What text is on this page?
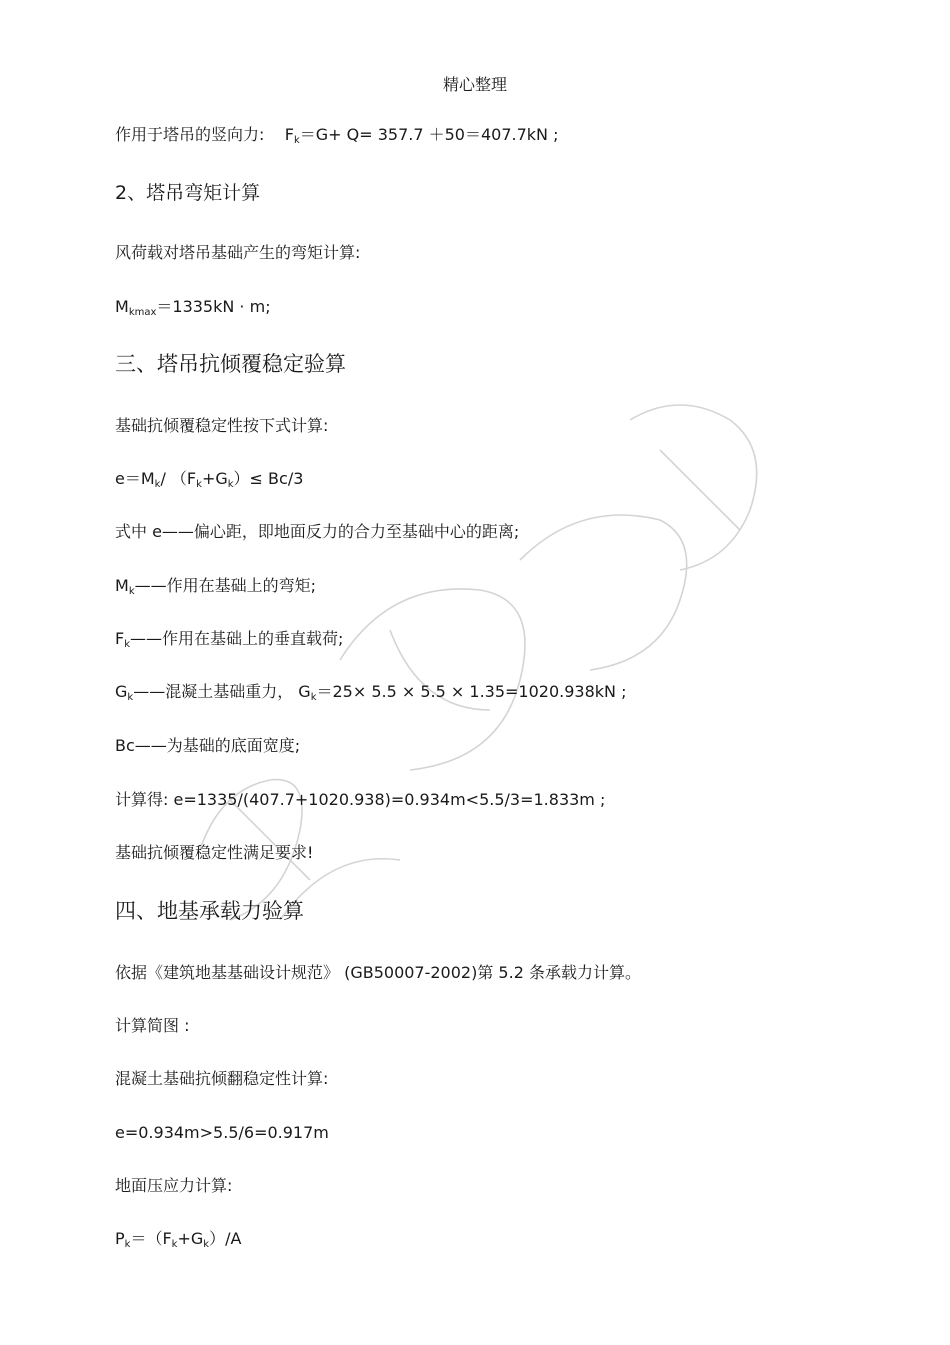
精心整理
作用于塔吊的竖向力: $F_k=G+ Q= 357.7 +50=407.7kN$ ;
2、塔吊弯矩计算
风荷载对塔吊基础产生的弯矩计算:
$M_{kmax}=1335kN \cdot m$;
三、塔吊抗倾覆稳定验算
基础抗倾覆稳定性按下式计算:
$e=M_k/$ $(F_k+G_k)\le Bc/3$
式中 e——偏心距，即地面反力的合力至基础中心的距离;
$M_k——$作用在基础上的弯矩;
$F_k——$作用在基础上的垂直载荷;
$G_k——$混凝土基础重力， $G_k=25\times 5.5 \times 5.5 \times 1.35=1020.938kN$ ;
Bc——为基础的底面宽度;
计算得: e=1335/(407.7+1020.938)=0.934m<5.5/3=1.833m ;
基础抗倾覆稳定性满足要求!
四、地基承载力验算
依据《建筑地基基础设计规范》 (GB50007-2002)第 5.2 条承载力计算。
计算简图 :
混凝土基础抗倾翻稳定性计算:
e=0.934m>5.5/6=0.917m
地面压应力计算:
$P_k=(F_k+G_k)/A$
